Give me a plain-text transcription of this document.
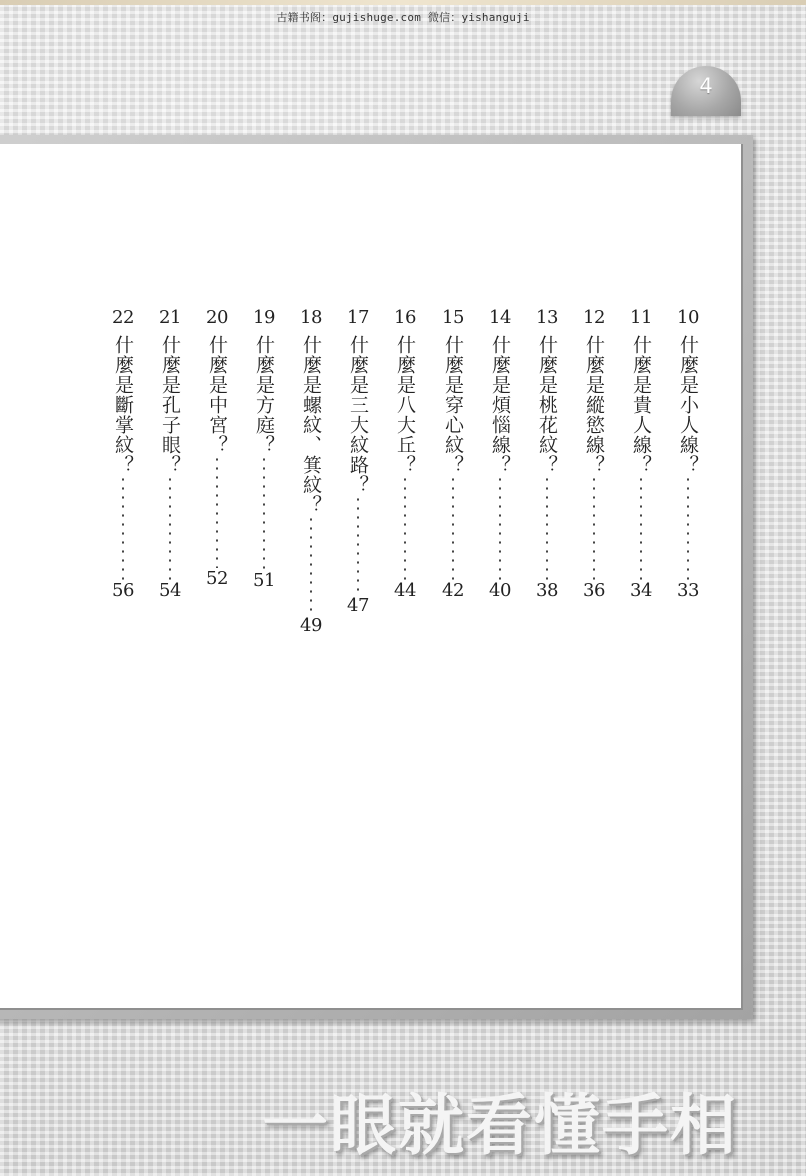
古籍书阁：gujishuge.com 微信：yishanguji
4
10
什麼是小人線？
33
11
什麼是貴人線？
34
12
什麼是縱慾線？
36
13
什麼是桃花紋？
38
14
什麼是煩惱線？
40
15
什麼是穿心紋？
42
16
什麼是八大丘？
44
17
什麼是三大紋路？
47
18
什麼是螺紋、箕紋？
49
19
什麼是方庭？
51
20
什麼是中宮？
52
21
什麼是孔子眼？
54
22
什麼是斷掌紋？
56
一眼就看懂手相
